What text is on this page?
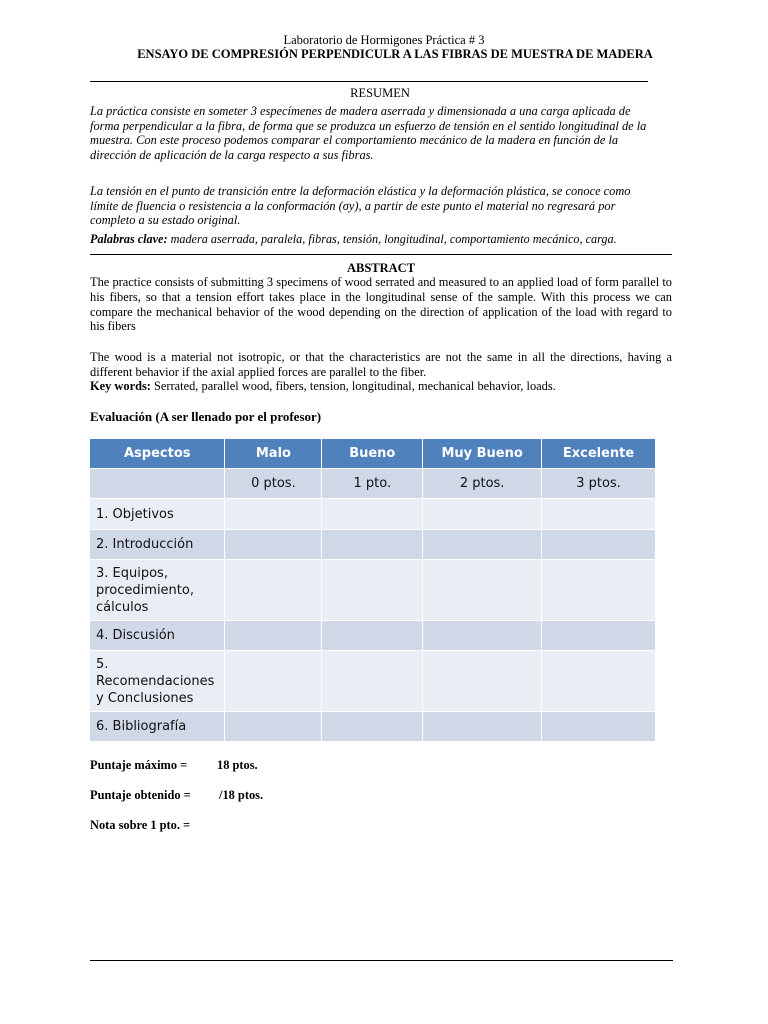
Laboratorio de Hormigones Práctica # 3
ENSAYO DE COMPRESIÓN PERPENDICULR A LAS FIBRAS DE MUESTRA DE MADERA
RESUMEN
La práctica consiste en someter 3 especímenes de madera aserrada y dimensionada a una carga aplicada de forma perpendicular a la fibra, de forma que se produzca un esfuerzo de tensión en el sentido longitudinal de la muestra. Con este proceso podemos comparar el comportamiento mecánico de la madera en función de la dirección de aplicación de la carga respecto a sus fibras.
La tensión en el punto de transición entre la deformación elástica y la deformación plástica, se conoce como límite de fluencia o resistencia a la conformación (σy), a partir de este punto el material no regresará por completo a su estado original.
Palabras clave: madera aserrada, paralela, fibras, tensión, longitudinal, comportamiento mecánico, carga.
ABSTRACT
The practice consists of submitting 3 specimens of wood serrated and measured to an applied load of form parallel to his fibers, so that a tension effort takes place in the longitudinal sense of the sample. With this process we can compare the mechanical behavior of the wood depending on the direction of application of the load with regard to his fibers
The wood is a material not isotropic, or that the characteristics are not the same in all the directions, having a different behavior if the axial applied forces are parallel to the fiber.
Key words: Serrated, parallel wood, fibers, tension, longitudinal, mechanical behavior, loads.
Evaluación (A ser llenado por el profesor)
Aspectos	Malo	Bueno	Muy Bueno	Excelente
	0 ptos.	1 pto.	2 ptos.	3 ptos.
1. Objetivos				
2. Introducción				
3. Equipos, procedimiento, cálculos				
4. Discusión				
5. Recomendaciones y Conclusiones				
6. Bibliografía				
Puntaje máximo = 18 ptos.
Puntaje obtenido = /18 ptos.
Nota sobre 1 pto. =
